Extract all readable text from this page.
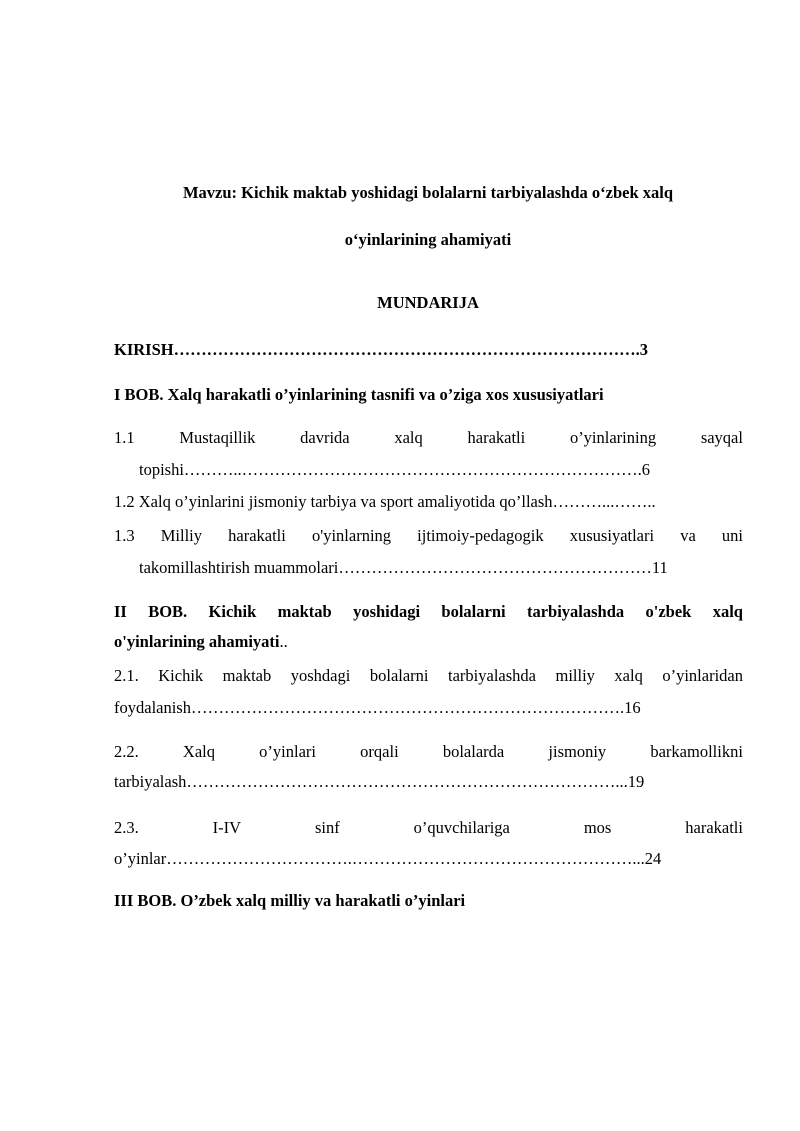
Mavzu: Kichik maktab yoshidagi bolalarni tarbiyalashda o‘zbek xalq
o‘yinlarining ahamiyati
MUNDARIJA
KIRISH………………………………………………………………………….3
I BOB. Xalq harakatli o’yinlarining tasnifi va o’ziga xos xususiyatlari
1.1	Mustaqillik	davrida	xalq	harakatli	o’yinlarining	sayqal
topishi………..……………………………………………………………….6
1.2 Xalq o’yinlarini jismoniy tarbiya va sport amaliyotida qo’llash………...……..
1.3 Milliy harakatli o'yinlarning ijtimoiy-pedagogik xususiyatlari va uni
takomillashtirish muammolari…………………………………………………11
II BOB. Kichik maktab yoshidagi bolalarni tarbiyalashda o'zbek xalq
o'yinlarining ahamiyati..
2.1. Kichik maktab yoshdagi bolalarni tarbiyalashda milliy xalq o’yinlaridan
foydalanish…………………………………………………………………….16
2.2.	Xalq	o’yinlari	orqali	bolalarda	jismoniy	barkamollikni
tarbiyalash……………………………………………………………………...19
2.3.	I-IV	sinf	o’quvchilariga	mos	harakatli
o’yinlar…………………………….……………………………………………...24
III BOB. O’zbek xalq milliy va harakatli o’yinlari
